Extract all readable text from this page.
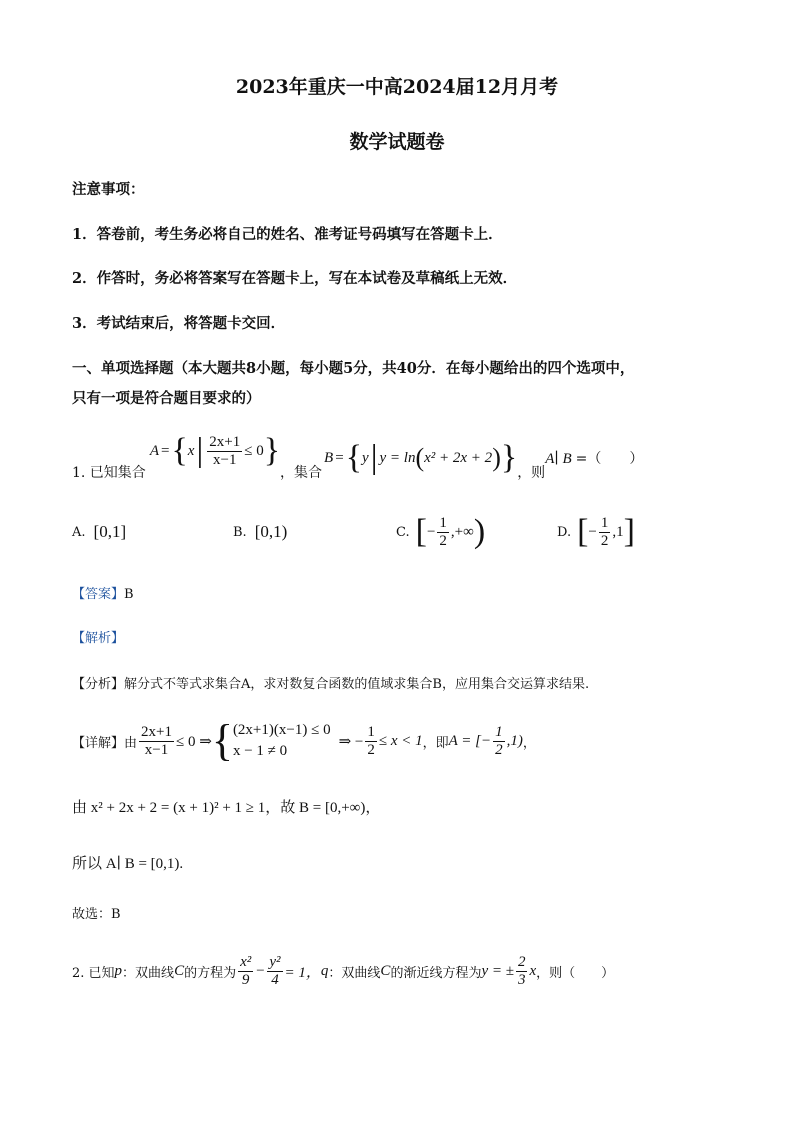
2023年重庆一中高2024届12月月考
数学试题卷
注意事项：
1．答卷前，考生务必将自己的姓名、准考证号码填写在答题卡上．
2．作答时，务必将答案写在答题卡上，写在本试卷及草稿纸上无效．
3．考试结束后，将答题卡交回．
一、单项选择题（本大题共8小题，每小题5分，共40分．在每小题给出的四个选项中，
只有一项是符合题目要求的）
1. 已知集合
A = { x | $\frac{2x+1}{x-1} \le 0$ }
，集合
B = { y | y = ln ( x² + 2x + 2 ) } ，则
A∣ B =（　　）
A. [0,1]	B. [0,1)	C. [ − $\frac{1}{2}$ ,+∞ )	D. [ − $\frac{1}{2} ,1$ ]
【答案】B
【解析】
【分析】解分式不等式求集合A，求对数复合函数的值域求集合B，应用集合交运算求结果.
【详解】 由 $\frac{2x+1}{x-1} \le 0$ ⇒ { (2x+1)(x−1) ≤ 0
x − 1 ≠ 0
⇒ − $\frac{1}{2} \le x < 1$ ，即 A = [− $\frac{1}{2} ,1$) ，
由 x² + 2x + 2 = (x + 1)² + 1 ≥ 1，故 B = [0,+∞)，
所以 A∣ B = [0,1).
故选：B
2. 已知 p ：双曲线 C 的方程为 $\frac{\text{x²}}{9} - \frac{\text{y²}}{4} = 1$， q ：双曲线 C 的渐近线方程为 y = ± $\frac{2}{3}$ x ，则（　　）
